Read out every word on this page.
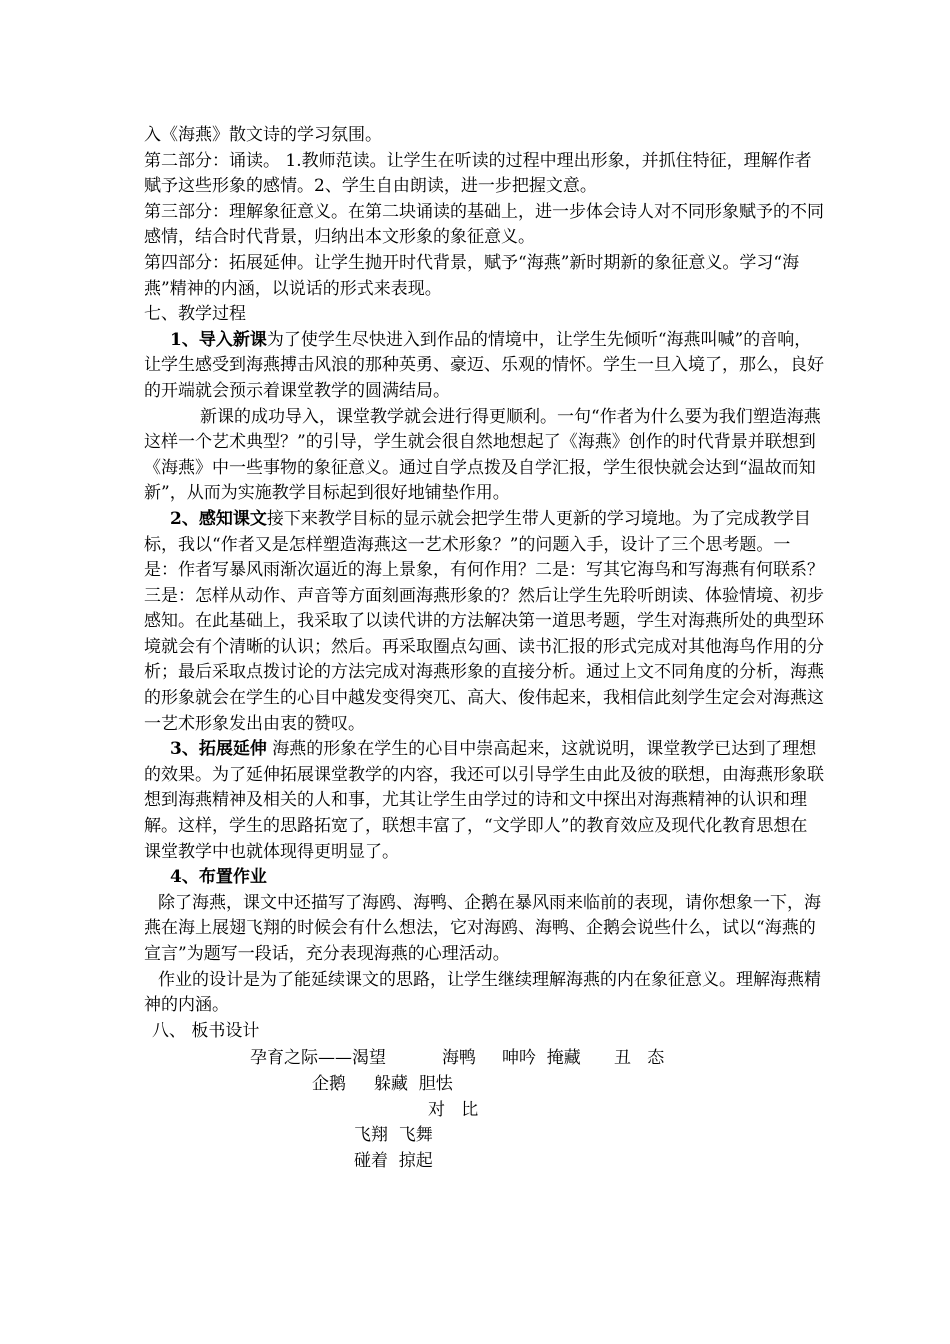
入《海燕》散文诗的学习氛围。

第二部分：诵读。 1.教师范读。让学生在听读的过程中理出形象，并抓住特征，理解作者赋予这些形象的感情。2、学生自由朗读，进一步把握文意。

第三部分：理解象征意义。在第二块诵读的基础上，进一步体会诗人对不同形象赋予的不同感情，结合时代背景，归纳出本文形象的象征意义。

第四部分：拓展延伸。让学生抛开时代背景，赋予“海燕”新时期新的象征意义。学习“海燕”精神的内涵，以说话的形式来表现。

七、教学过程

1、导入新课为了使学生尽快进入到作品的情境中，让学生先倾听“海燕叫喊”的音响，让学生感受到海燕搏击风浪的那种英勇、豪迈、乐观的情怀。学生一旦入境了，那么，良好的开端就会预示着课堂教学的圆满结局。

新课的成功导入，课堂教学就会进行得更顺利。一句“作者为什么要为我们塑造海燕这样一个艺术典型？”的引导，学生就会很自然地想起了《海燕》创作的时代背景并联想到《海燕》中一些事物的象征意义。通过自学点拨及自学汇报，学生很快就会达到“温故而知新”，从而为实施教学目标起到很好地铺垫作用。

2、感知课文接下来教学目标的显示就会把学生带人更新的学习境地。为了完成教学目标，我以“作者又是怎样塑造海燕这一艺术形象？”的问题入手，设计了三个思考题。一是：作者写暴风雨渐次逼近的海上景象，有何作用？二是：写其它海鸟和写海燕有何联系？三是：怎样从动作、声音等方面刻画海燕形象的？然后让学生先聆听朗读、体验情境、初步感知。在此基础上，我采取了以读代讲的方法解决第一道思考题，学生对海燕所处的典型环境就会有个清晰的认识；然后。再采取圈点勾画、读书汇报的形式完成对其他海鸟作用的分析；最后采取点拨讨论的方法完成对海燕形象的直接分析。通过上文不同角度的分析，海燕的形象就会在学生的心目中越发变得突兀、高大、俊伟起来，我相信此刻学生定会对海燕这一艺术形象发出由衷的赞叹。

3、拓展延伸 海燕的形象在学生的心目中崇高起来，这就说明，课堂教学已达到了理想的效果。为了延伸拓展课堂教学的内容，我还可以引导学生由此及彼的联想，由海燕形象联想到海燕精神及相关的人和事，尤其让学生由学过的诗和文中探出对海燕精神的认识和理解。这样，学生的思路拓宽了，联想丰富了，“文学即人”的教育效应及现代化教育思想在课堂教学中也就体现得更明显了。

4、布置作业

除了海燕，课文中还描写了海鸥、海鸭、企鹅在暴风雨来临前的表现，请你想象一下，海燕在海上展翅飞翔的时候会有什么想法，它对海鸥、海鸭、企鹅会说些什么，试以“海燕的宣言”为题写一段话，充分表现海燕的心理活动。

作业的设计是为了能延续课文的思路，让学生继续理解海燕的内在象征意义。理解海燕精神的内涵。

八、 板书设计

孕育之际——渴望	海鸭 呻吟  掩藏 丑   态
企鹅 躲藏  胆怯
对   比
飞翔  飞舞
碰着  掠起
